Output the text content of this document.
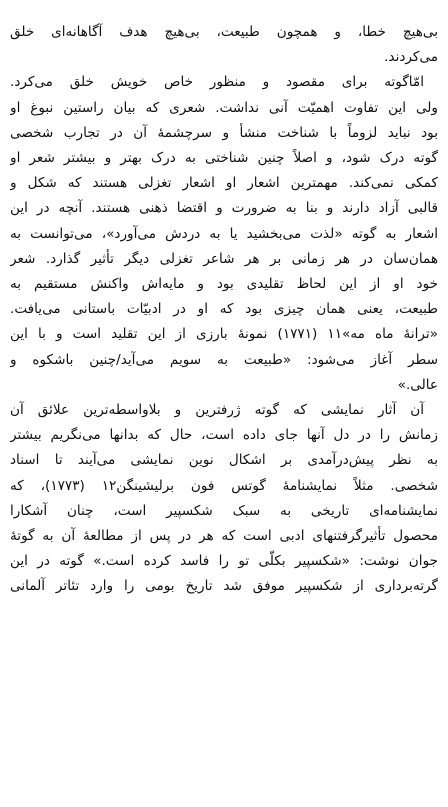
بی‌هیچ خطا، و همچون طبیعت، بی‌هیچ هدف آگاهانه‌ای خلق
می‌کردند.

امّاگوته برای مقصود و منظور خاص خویش خلق می‌کرد.
ولی این تفاوت اهمیّت آنی نداشت. شعری که بیان راستین نبوغ او
بود نباید لزوماً با شناخت منشأ و سرچشمهٔ آن در تجارب شخصی
گوته درک شود، و اصلاً چنین شناختی به درک بهتر و بیشتر شعر او
کمکی نمی‌کند. مهمترین اشعار او اشعار تغزلی هستند که شکل و
قالبی آزاد دارند و بنا به ضرورت و اقتضا ذهنی هستند. آنچه در این
اشعار به گوته «لذت می‌بخشید یا به دردش می‌آورد»، می‌توانست به
همان‌سان در هر زمانی بر هر شاعر تغزلی دیگر تأثیر گذارد. شعر
خود او از این لحاظ تقلیدی بود و مایه‌اش واکنش مستقیم به
طبیعت، یعنی همان چیزی بود که او در ادبیّات باستانی می‌یافت.
«ترانهٔ ماه مه»۱۱ (۱۷۷۱) نمونهٔ بارزی از این تقلید است و با این
سطر آغاز می‌شود: «طبیعت به سویم می‌آید/چنین باشکوه و
عالی.»

آن آثار نمایشی که گوته ژرفترین و بلاواسطه‌ترین علائق آن
زمانش را در دل آنها جای داده است، حال که بدانها می‌نگریم بیشتر
به نظر پیش‌درآمدی بر اشکال نوین نمایشی می‌آیند تا اسناد
شخصی. مثلاً نمایشنامهٔ گوتس فون برلیشینگن۱۲ (۱۷۷۳)، که
نمایشنامه‌ای تاریخی به سبک شکسپیر است، چنان آشکارا
محصول تأثیرگرفتنهای ادبی است که هر در پس از مطالعهٔ آن به گوتهٔ
جوان نوشت: «شکسپیر بکلّی تو را فاسد کرده است.» گوته در این
گرته‌برداری از شکسپیر موفق شد تاریخ بومی را وارد تئاتر آلمانی
